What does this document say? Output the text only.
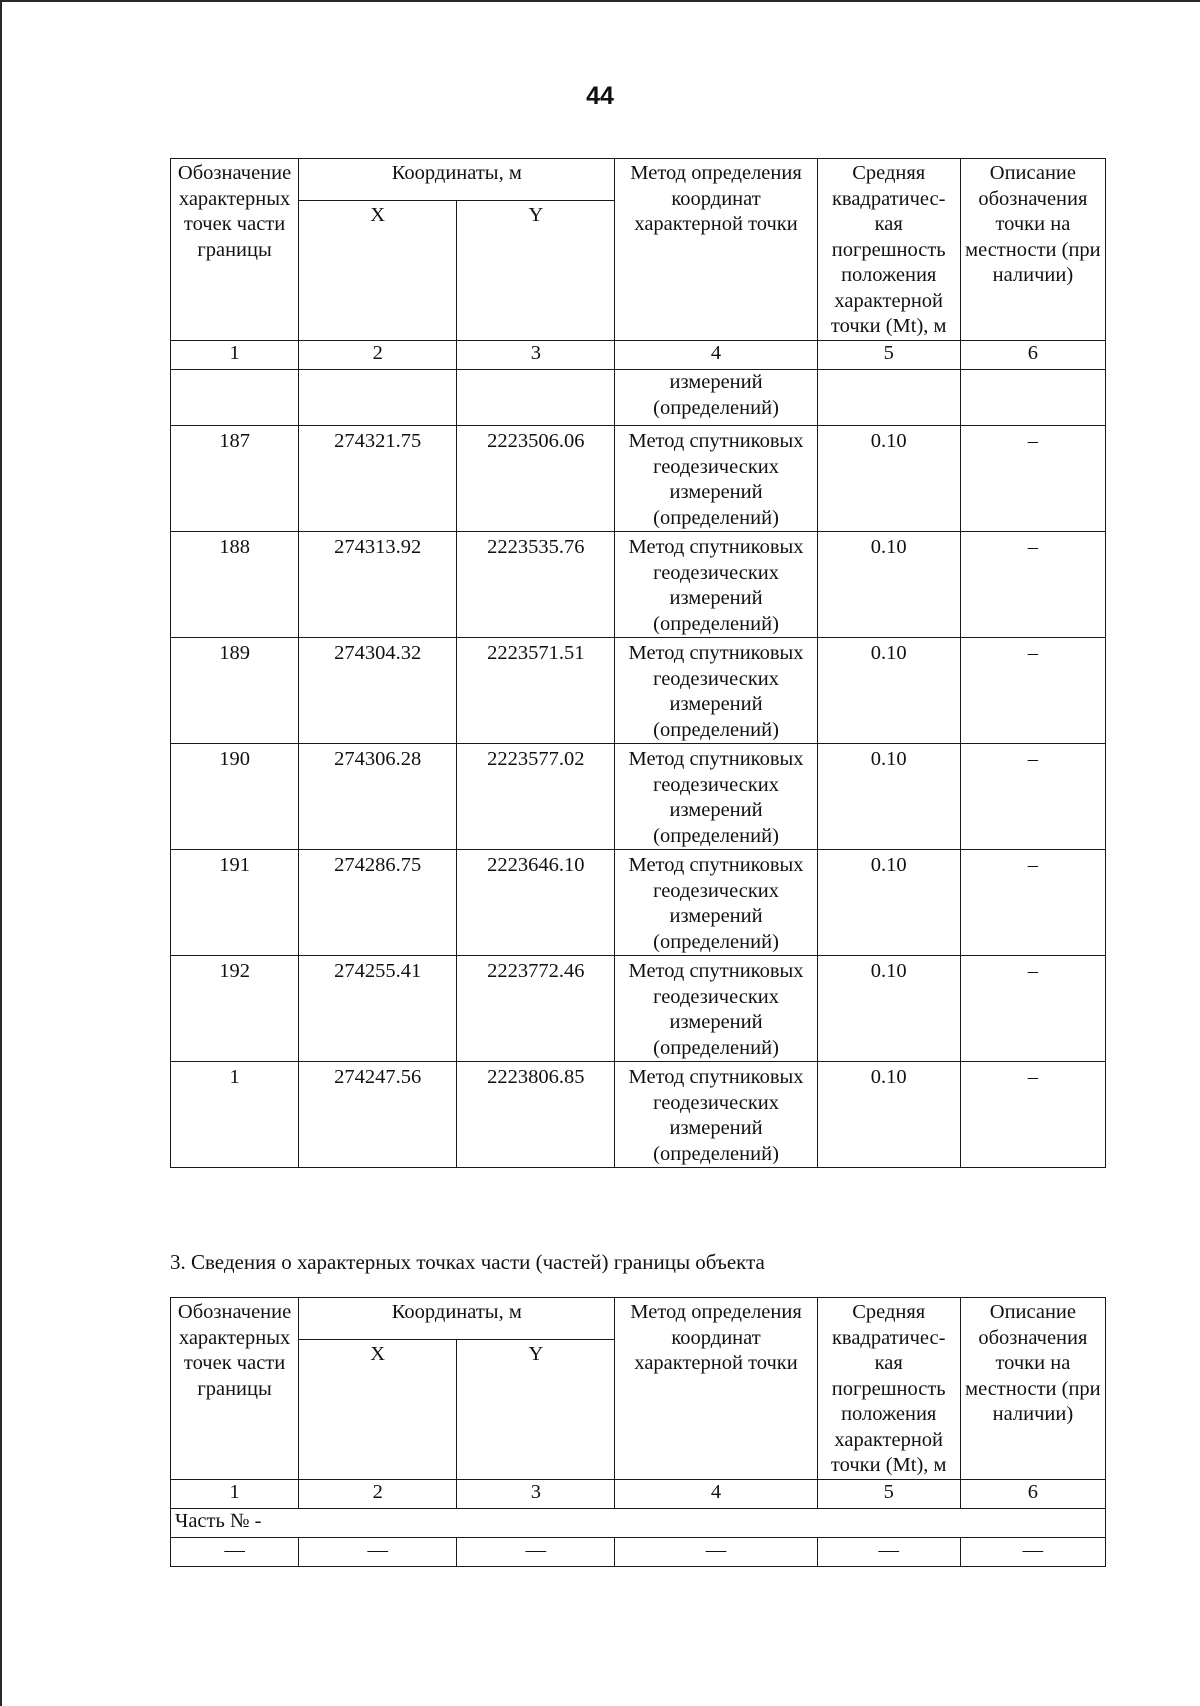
44
Обозначение характерных точек части границы	Координаты, м		Метод определения координат характерной точки	Средняя квадратичес-кая погрешность положения характерной точки (Mt), м	Описание обозначения точки на местности (при наличии)
	X	Y			
1	2	3	4	5	6
			измерений (определений)		
187	274321.75	2223506.06	Метод спутниковых геодезических измерений (определений)	0.10	–
188	274313.92	2223535.76	Метод спутниковых геодезических измерений (определений)	0.10	–
189	274304.32	2223571.51	Метод спутниковых геодезических измерений (определений)	0.10	–
190	274306.28	2223577.02	Метод спутниковых геодезических измерений (определений)	0.10	–
191	274286.75	2223646.10	Метод спутниковых геодезических измерений (определений)	0.10	–
192	274255.41	2223772.46	Метод спутниковых геодезических измерений (определений)	0.10	–
1	274247.56	2223806.85	Метод спутниковых геодезических измерений (определений)	0.10	–
3. Сведения о характерных точках части (частей) границы объекта
Обозначение характерных точек части границы	Координаты, м		Метод определения координат характерной точки	Средняя квадратичес-кая погрешность положения характерной точки (Mt), м	Описание обозначения точки на местности (при наличии)
	X	Y			
1	2	3	4	5	6
Часть № -					
—	—	—	—	—	—
